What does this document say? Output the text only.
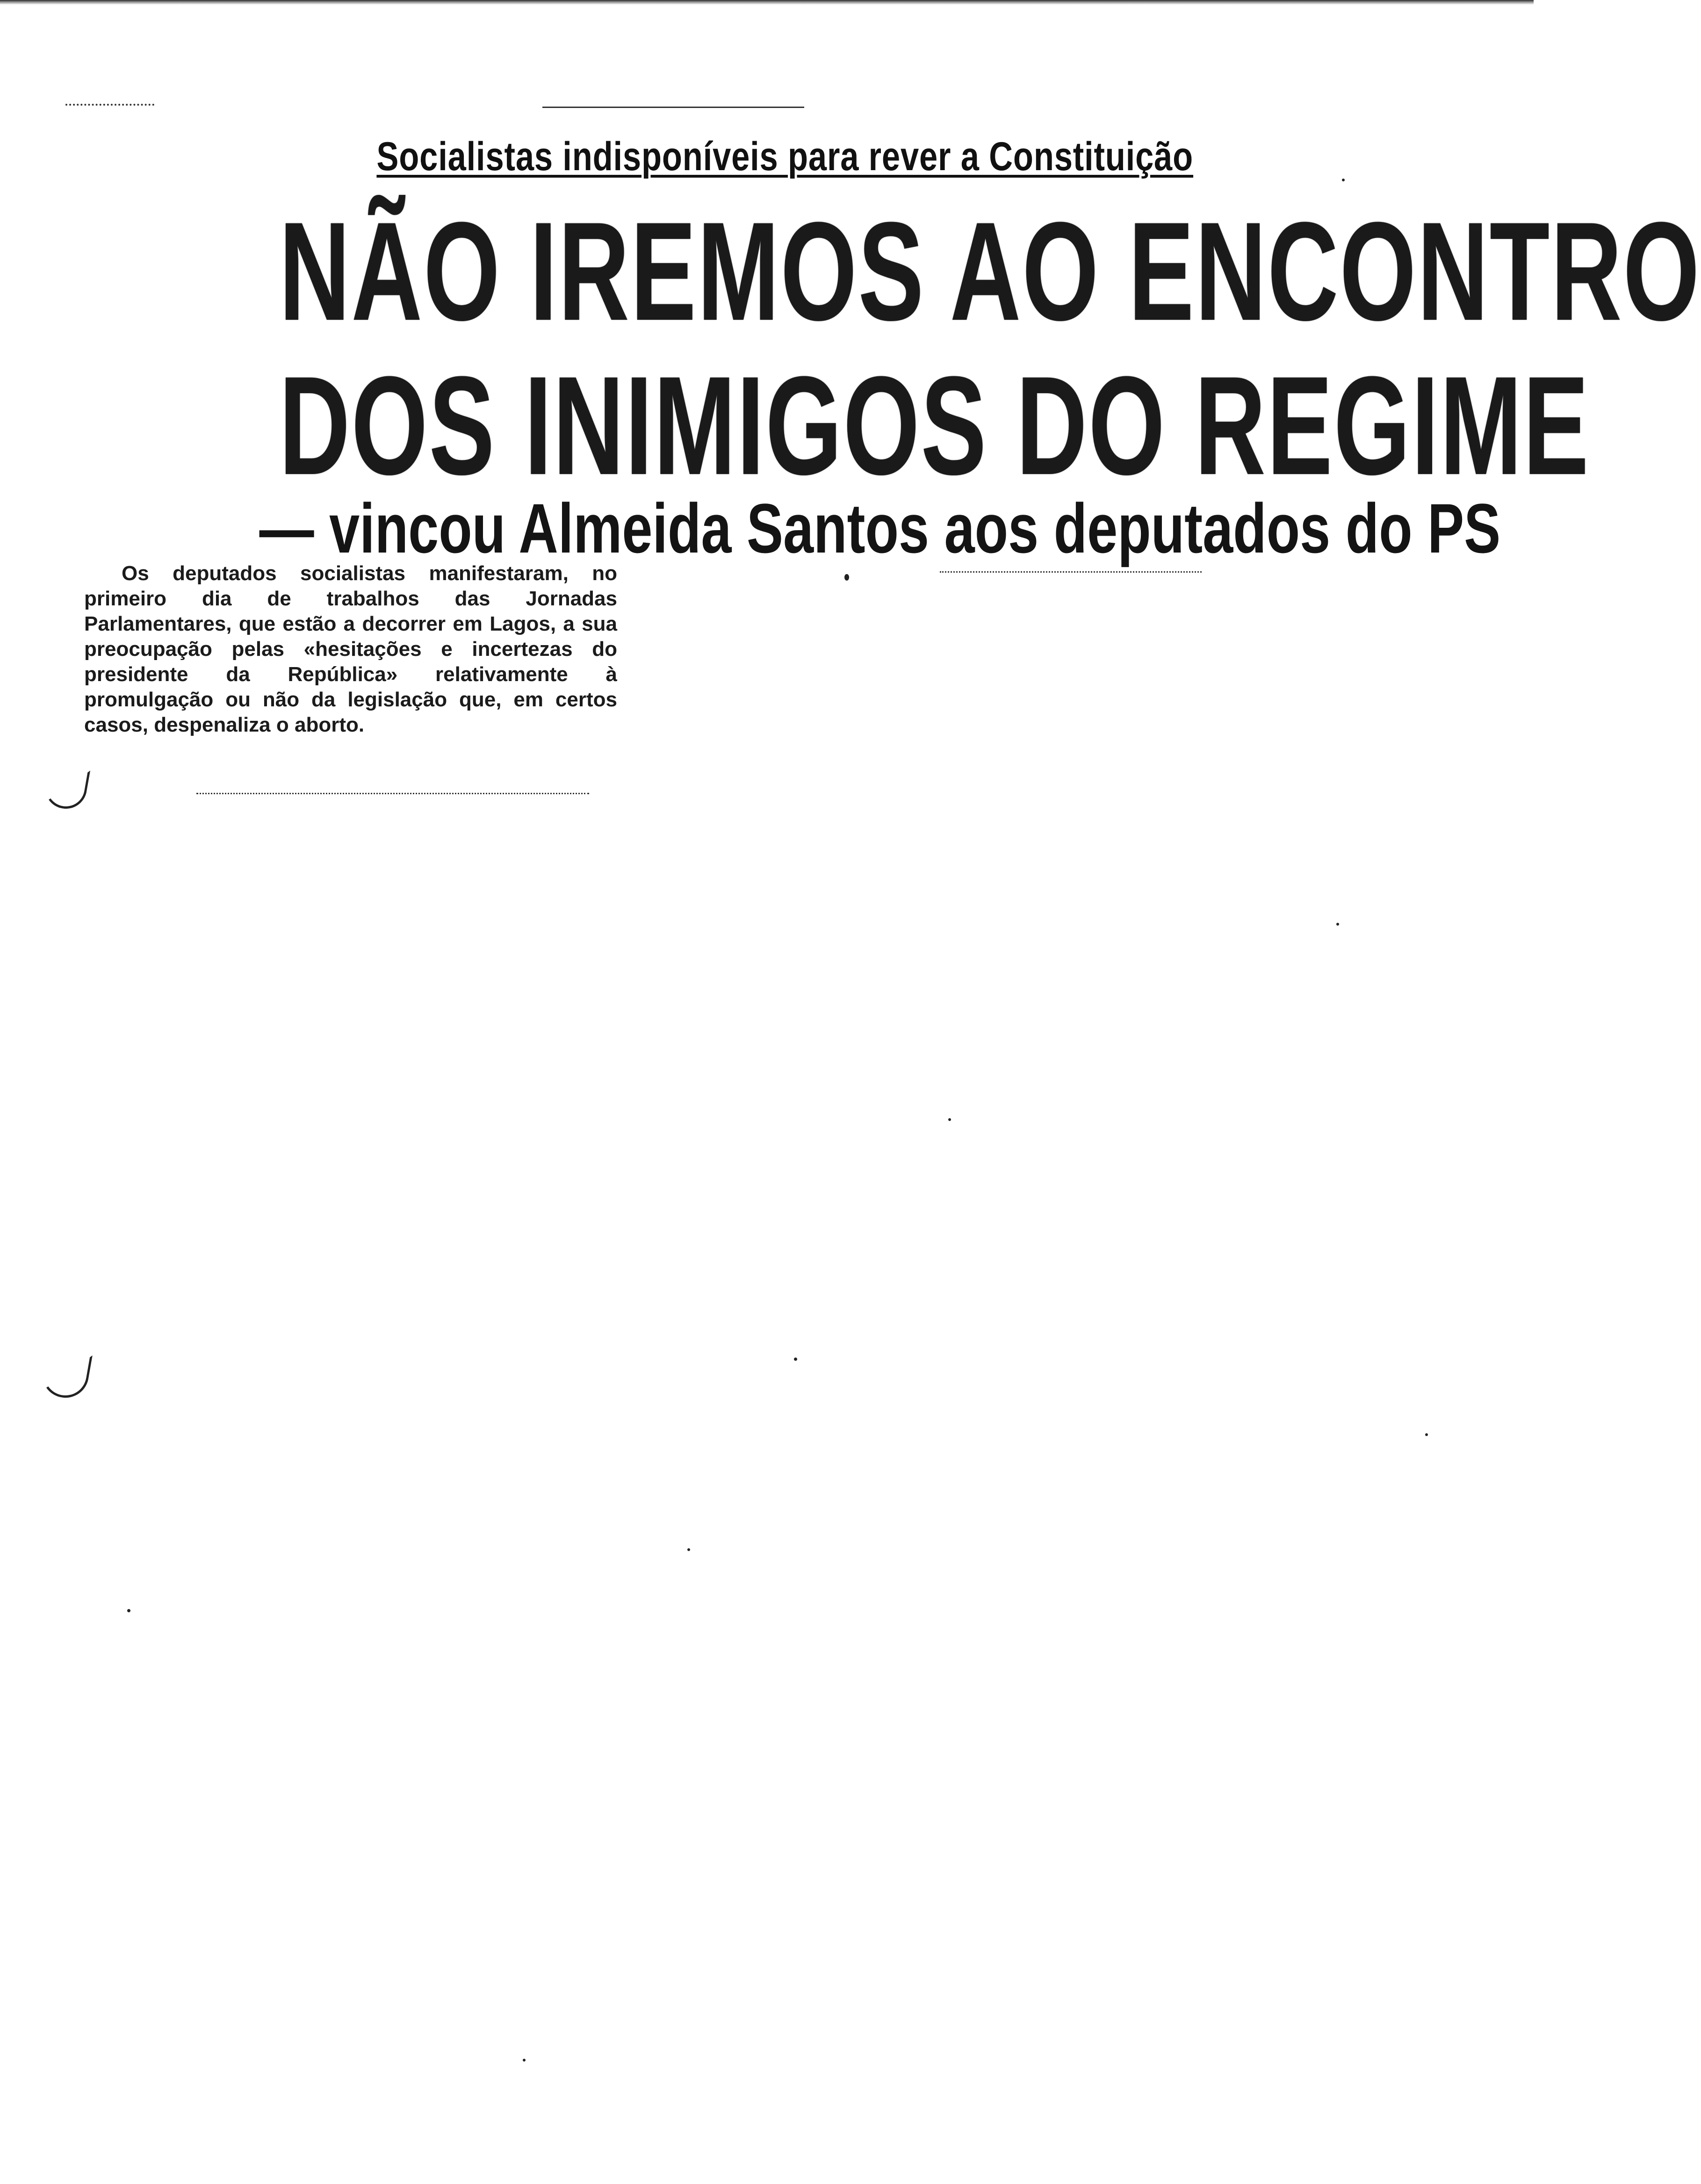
Socialistas indisponíveis para rever a Constituição
NÃO IREMOS AO ENCONTRO
DOS INIMIGOS DO REGIME
— vincou Almeida Santos aos deputados do PS

Os deputados socialistas manifestaram, no primeiro dia de trabalhos das Jornadas Parlamentares, que estão a decorrer em Lagos, a sua preocupação pelas «hesitações e incertezas do presidente da República» relativamente à promulgação ou não da legislação que, em certos casos, despenaliza o aborto.
